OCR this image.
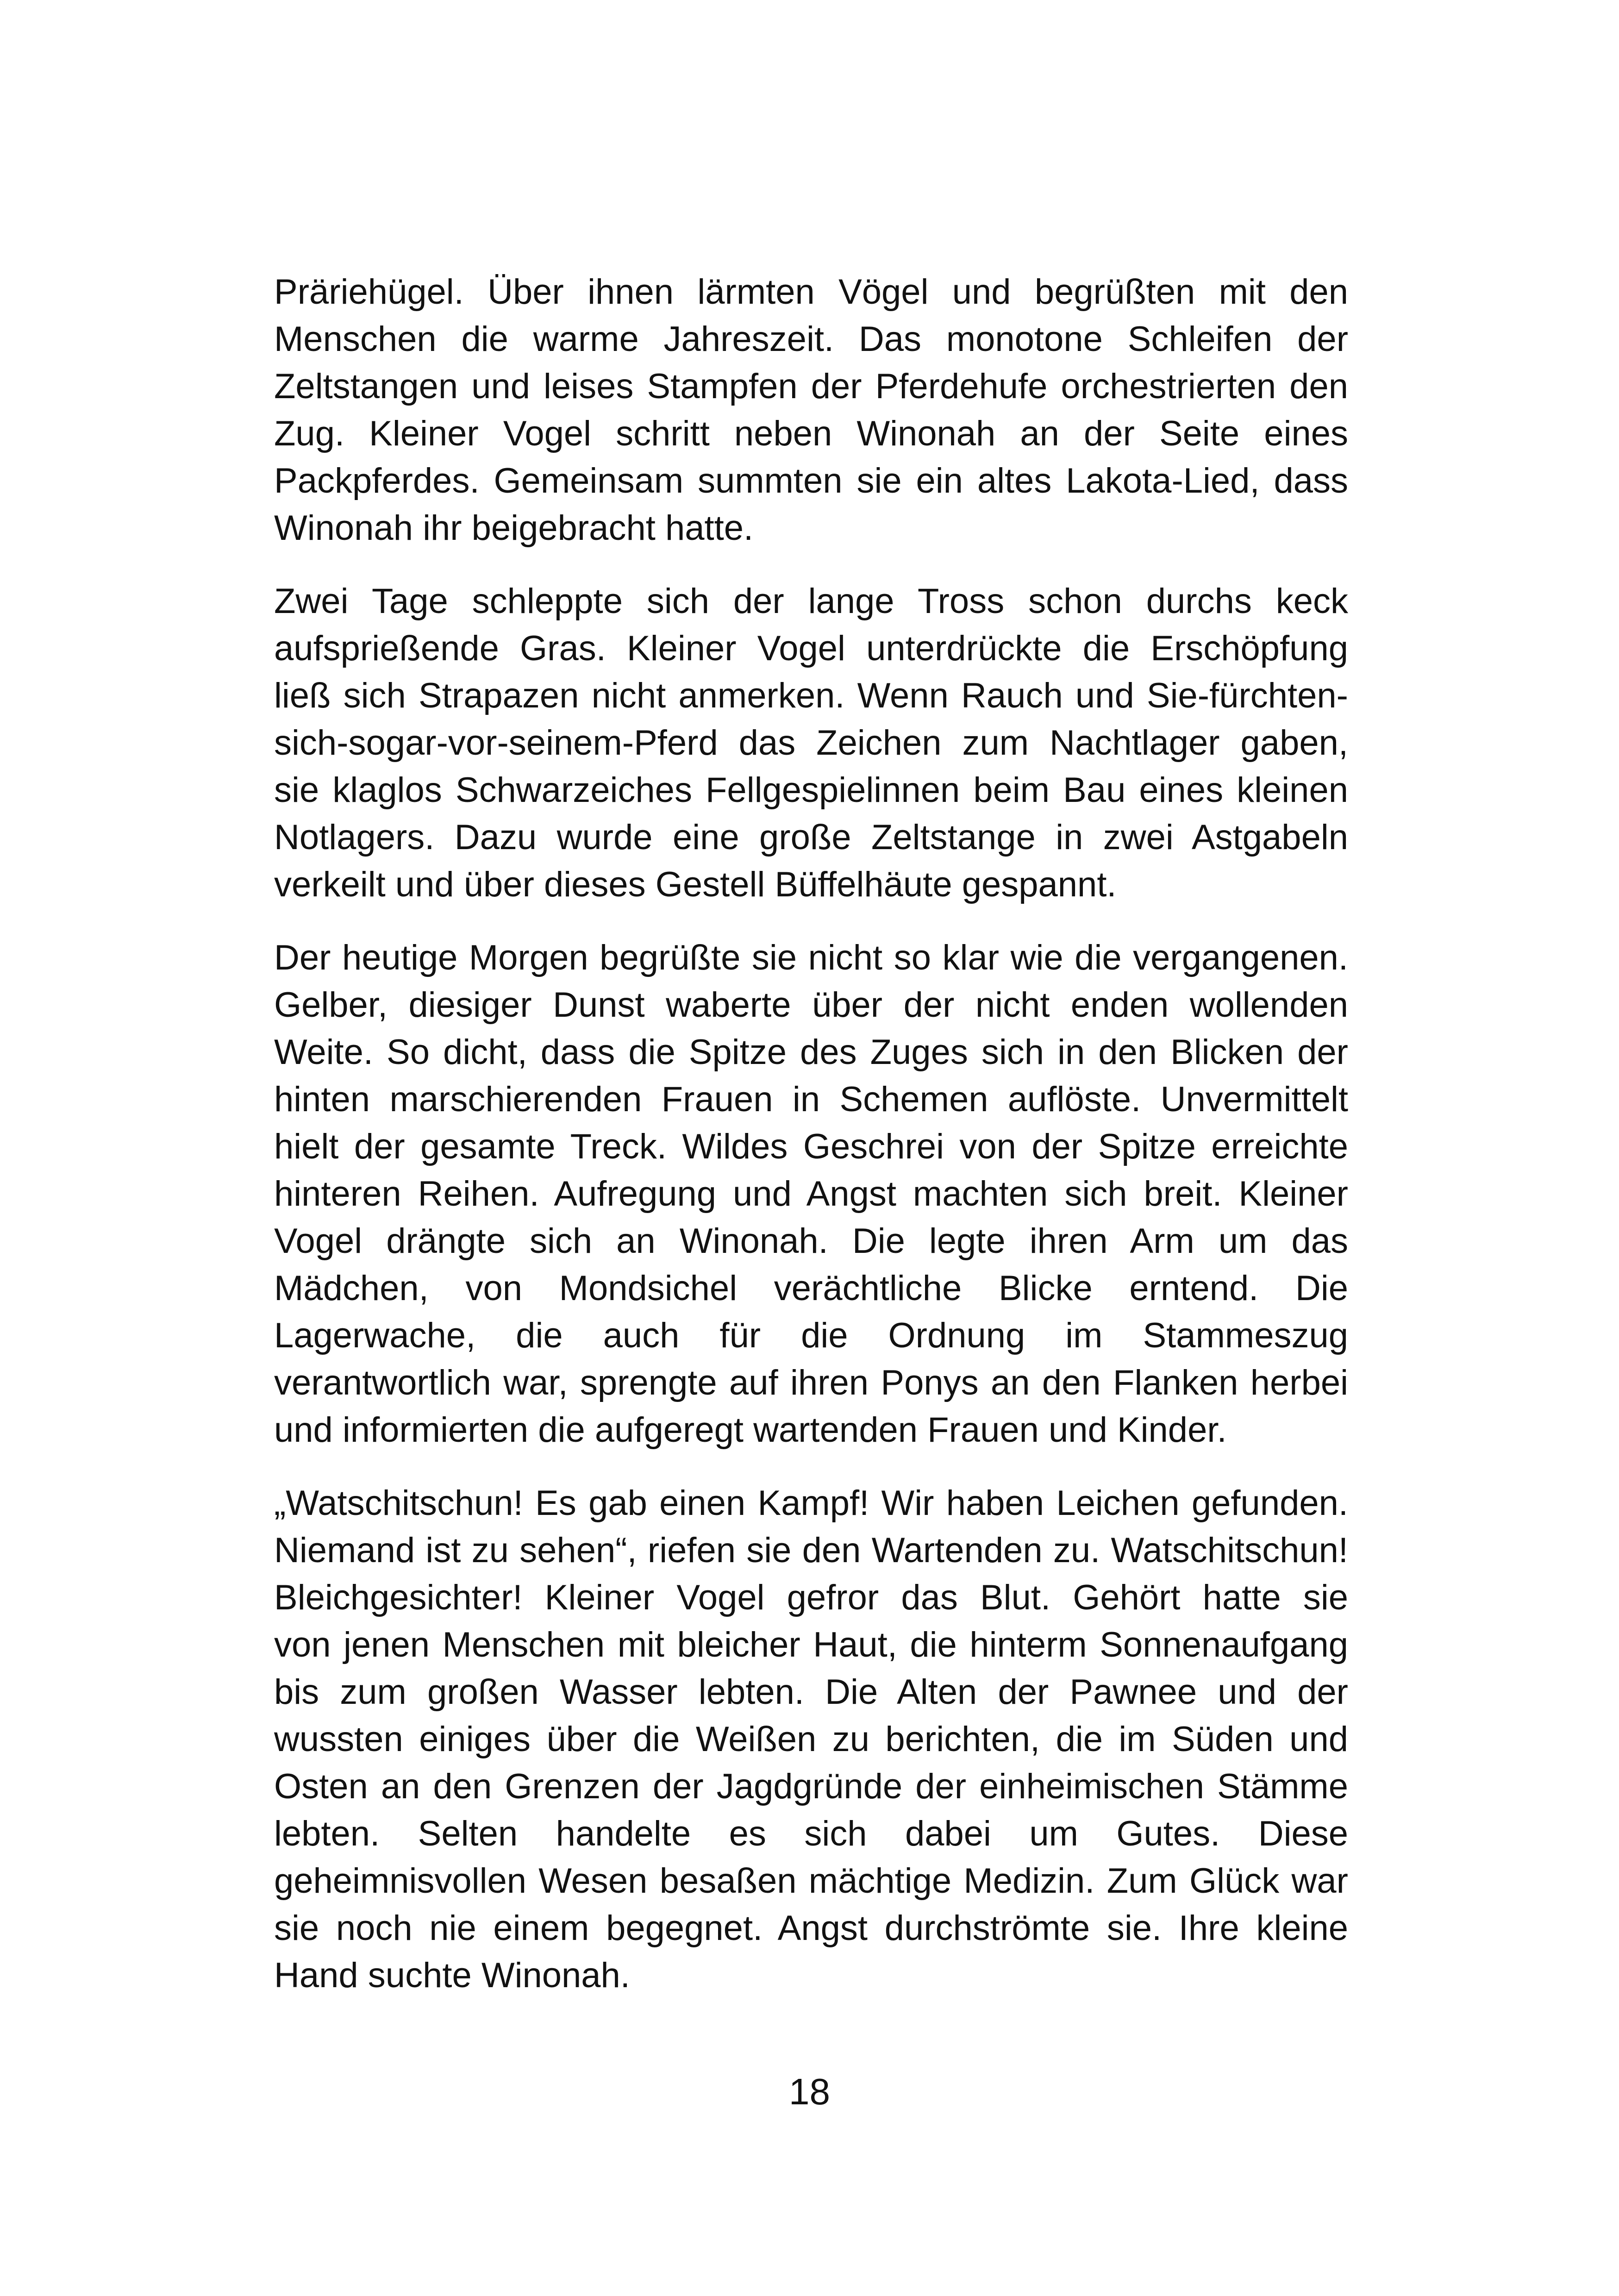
Präriehügel. Über ihnen lärmten Vögel und begrüßten mit den
Menschen die warme Jahreszeit. Das monotone Schleifen der
Zeltstangen und leises Stampfen der Pferdehufe orchestrierten den
Zug. Kleiner Vogel schritt neben Winonah an der Seite eines
Packpferdes. Gemeinsam summten sie ein altes Lakota-Lied, dass
Winonah ihr beigebracht hatte.
Zwei Tage schleppte sich der lange Tross schon durchs keck
aufsprießende Gras. Kleiner Vogel unterdrückte die Erschöpfung
ließ sich Strapazen nicht anmerken. Wenn Rauch und Sie-fürchten-
sich-sogar-vor-seinem-Pferd das Zeichen zum Nachtlager gaben,
sie klaglos Schwarzeiches Fellgespielinnen beim Bau eines kleinen
Notlagers. Dazu wurde eine große Zeltstange in zwei Astgabeln
verkeilt und über dieses Gestell Büffelhäute gespannt.
Der heutige Morgen begrüßte sie nicht so klar wie die vergangenen.
Gelber, diesiger Dunst waberte über der nicht enden wollenden
Weite. So dicht, dass die Spitze des Zuges sich in den Blicken der
hinten marschierenden Frauen in Schemen auflöste. Unvermittelt
hielt der gesamte Treck. Wildes Geschrei von der Spitze erreichte
hinteren Reihen. Aufregung und Angst machten sich breit. Kleiner
Vogel drängte sich an Winonah. Die legte ihren Arm um das
Mädchen, von Mondsichel verächtliche Blicke erntend. Die
Lagerwache, die auch für die Ordnung im Stammeszug
verantwortlich war, sprengte auf ihren Ponys an den Flanken herbei
und informierten die aufgeregt wartenden Frauen und Kinder.
„Watschitschun! Es gab einen Kampf! Wir haben Leichen gefunden.
Niemand ist zu sehen“, riefen sie den Wartenden zu. Watschitschun!
Bleichgesichter! Kleiner Vogel gefror das Blut. Gehört hatte sie
von jenen Menschen mit bleicher Haut, die hinterm Sonnenaufgang
bis zum großen Wasser lebten. Die Alten der Pawnee und der
wussten einiges über die Weißen zu berichten, die im Süden und
Osten an den Grenzen der Jagdgründe der einheimischen Stämme
lebten. Selten handelte es sich dabei um Gutes. Diese
geheimnisvollen Wesen besaßen mächtige Medizin. Zum Glück war
sie noch nie einem begegnet. Angst durchströmte sie. Ihre kleine
Hand suchte Winonah.
18
